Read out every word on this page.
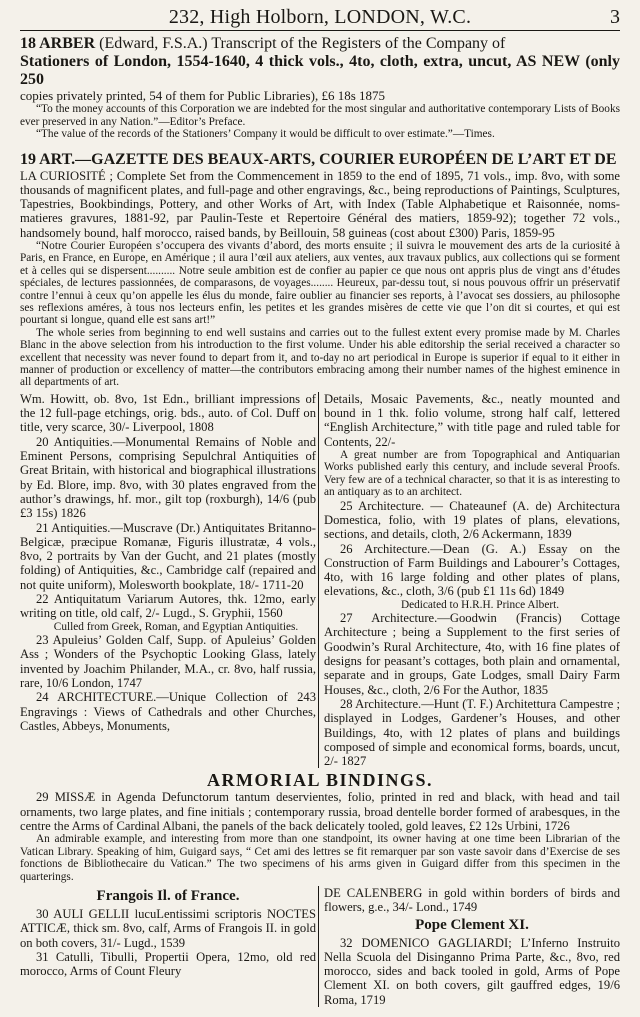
232, High Holborn, LONDON, W.C.	3

18 ARBER (Edward, F.S.A.) Transcript of the Registers of the Company of

Stationers of London, 1554-1640, 4 thick vols., 4to, cloth, extra, uncut, AS NEW (only 250

copies privately printed, 54 of them for Public Libraries), £6 18s 1875

“To the money accounts of this Corporation we are indebted for the most singular and authoritative contemporary Lists of Books ever preserved in any Nation.”—Editor’s Preface.

“The value of the records of the Stationers’ Company it would be difficult to over estimate.”—Times.

19 ART.—GAZETTE DES BEAUX-ARTS, COURIER EUROPÉEN DE L’ART ET DE

LA CURIOSITÉ ; Complete Set from the Commencement in 1859 to the end of 1895, 71 vols., imp. 8vo, with some thousands of magnificent plates, and full-page and other engravings, &c., being reproductions of Paintings, Sculptures, Tapestries, Bookbindings, Pottery, and other Works of Art, with Index (Table Alphabetique et Raisonnée, noms-matieres gravures, 1881-92, par Paulin-Teste et Repertoire Général des matiers, 1859-92); together 72 vols., handsomely bound, half morocco, raised bands, by Beillouin, 58 guineas (cost about £300) Paris, 1859-95

“Notre Courier Européen s’occupera des vivants d’abord, des morts ensuite ; il suivra le mouvement des arts de la curiosité à Paris, en France, en Europe, en Amérique ; il aura l’œil aux ateliers, aux ventes, aux travaux publics, aux collections qui se forment et à celles qui se dispersent.......... Notre seule ambition est de confier au papier ce que nous ont appris plus de vingt ans d’études spéciales, de lectures passionnées, de comparasons, de voyages........ Heureux, par-dessu tout, si nous pouvous offrir un préservatif contre l’ennui à ceux qu’on appelle les élus du monde, faire oublier au financier ses reports, à l’avocat ses dossiers, au philosophe ses reflexions améres, à tous nos lecteurs enfin, les petites et les grandes misères de cette vie que l’on dit si courtes, et qui est pourtant si longue, quand elle est sans art!”

The whole series from beginning to end well sustains and carries out to the fullest extent every promise made by M. Charles Blanc in the above selection from his introduction to the first volume. Under his able editorship the serial received a character so excellent that necessity was never found to depart from it, and to-day no art periodical in Europe is superior if equal to it either in manner of production or excellency of matter—the contributors embracing among their number names of the highest eminence in all departments of art.

Wm. Howitt, ob. 8vo, 1st Edn., brilliant impressions of the 12 full-page etchings, orig. bds., auto. of Col. Duff on title, very scarce, 30/- Liverpool, 1808

20 Antiquities.—Monumental Remains of Noble and Eminent Persons, comprising Sepulchral Antiquities of Great Britain, with historical and biographical illustrations by Ed. Blore, imp. 8vo, with 30 plates engraved from the author’s drawings, hf. mor., gilt top (roxburgh), 14/6 (pub £3 15s) 1826

21 Antiquities.—Muscrave (Dr.) Antiquitates Britanno-Belgicæ, præcipue Romanæ, Figuris illustratæ, 4 vols., 8vo, 2 portraits by Van der Gucht, and 21 plates (mostly folding) of Antiquities, &c., Cambridge calf (repaired and not quite uniform), Molesworth bookplate, 18/- 1711-20

22 Antiquitatum Variarum Autores, thk. 12mo, early writing on title, old calf, 2/- Lugd., S. Gryphii, 1560

Culled from Greek, Roman, and Egyptian Antiquities.

23 Apuleius’ Golden Calf, Supp. of Apuleius’ Golden Ass ; Wonders of the Psychoptic Looking Glass, lately invented by Joachim Philander, M.A., cr. 8vo, half russia, rare, 10/6 London, 1747

24 ARCHITECTURE.—Unique Collection of 243 Engravings : Views of Cathedrals and other Churches, Castles, Abbeys, Monuments,

Details, Mosaic Pavements, &c., neatly mounted and bound in 1 thk. folio volume, strong half calf, lettered “English Architecture,” with title page and ruled table for Contents, 22/-

A great number are from Topographical and Antiquarian Works published early this century, and include several Proofs. Very few are of a technical character, so that it is as interesting to an antiquary as to an architect.

25 Architecture. — Chateaunef (A. de) Architectura Domestica, folio, with 19 plates of plans, elevations, sections, and details, cloth, 2/6 Ackermann, 1839

26 Architecture.—Dean (G. A.) Essay on the Construction of Farm Buildings and Labourer’s Cottages, 4to, with 16 large folding and other plates of plans, elevations, &c., cloth, 3/6 (pub £1 11s 6d) 1849

Dedicated to H.R.H. Prince Albert.

27 Architecture.—Goodwin (Francis) Cottage Architecture ; being a Supplement to the first series of Goodwin’s Rural Architecture, 4to, with 16 fine plates of designs for peasant’s cottages, both plain and ornamental, separate and in groups, Gate Lodges, small Dairy Farm Houses, &c., cloth, 2/6 For the Author, 1835

28 Architecture.—Hunt (T. F.) Architettura Campestre ; displayed in Lodges, Gardener’s Houses, and other Buildings, 4to, with 12 plates of plans and buildings composed of simple and economical forms, boards, uncut, 2/- 1827

ARMORIAL BINDINGS.

29 MISSÆ in Agenda Defunctorum tantum deservientes, folio, printed in red and black, with head and tail ornaments, two large plates, and fine initials ; contemporary russia, broad dentelle border formed of arabesques, in the centre the Arms of Cardinal Albani, the panels of the back delicately tooled, gold leaves, £2 12s Urbini, 1726

An admirable example, and interesting from more than one standpoint, its owner having at one time been Librarian of the Vatican Library. Speaking of him, Guigard says, “ Cet ami des lettres se fit remarquer par son vaste savoir dans d’Exercise de ses fonctions de Bibliothecaire du Vatican.” The two specimens of his arms given in Guigard differ from this specimen in the quarterings.

Frangois Il. of France.

30 AULI GELLII lucuLentissimi scriptoris NOCTES ATTICÆ, thick sm. 8vo, calf, Arms of Frangois II. in gold on both covers, 31/- Lugd., 1539

31 Catulli, Tibulli, Propertii Opera, 12mo, old red morocco, Arms of Count Fleury

DE CALENBERG in gold within borders of birds and flowers, g.e., 34/- Lond., 1749

Pope Clement XI.

32 DOMENICO GAGLIARDI; L’Inferno Instruito Nella Scuola del Disinganno Prima Parte, &c., 8vo, red morocco, sides and back tooled in gold, Arms of Pope Clement XI. on both covers, gilt gauffred edges, 19/6 Roma, 1719
